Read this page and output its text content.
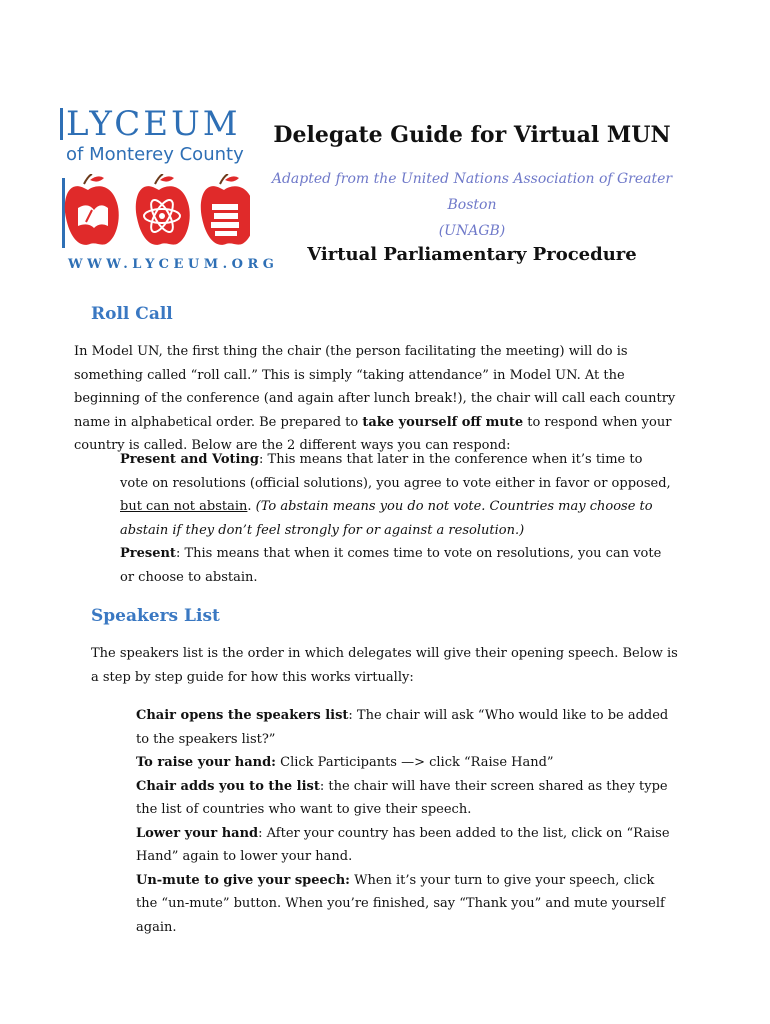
LYCEUM
of Monterey County
WWW.LYCEUM.ORG
Delegate Guide for Virtual MUN
Adapted from the United Nations Association of Greater Boston
(UNAGB)
Virtual Parliamentary Procedure
Roll Call
In Model UN, the first thing the chair (the person facilitating the meeting) will do is something called “roll call.” This is simply “taking attendance” in Model UN. At the beginning of the conference (and again after lunch break!), the chair will call each country name in alphabetical order. Be prepared to take yourself off mute to respond when your country is called. Below are the 2 different ways you can respond:

Present and Voting: This means that later in the conference when it’s time to vote on resolutions (official solutions), you agree to vote either in favor or opposed, but can not abstain. (To abstain means you do not vote. Countries may choose to abstain if they don’t feel strongly for or against a resolution.)

Present: This means that when it comes time to vote on resolutions, you can vote or choose to abstain.

Speakers List
The speakers list is the order in which delegates will give their opening speech. Below is a step by step guide for how this works virtually:

Chair opens the speakers list: The chair will ask “Who would like to be added to the speakers list?”

To raise your hand: Click Participants —> click “Raise Hand”

Chair adds you to the list: the chair will have their screen shared as they type the list of countries who want to give their speech.

Lower your hand: After your country has been added to the list, click on “Raise Hand” again to lower your hand.

Un-mute to give your speech: When it’s your turn to give your speech, click the “un-mute” button. When you’re finished, say “Thank you” and mute yourself again.
